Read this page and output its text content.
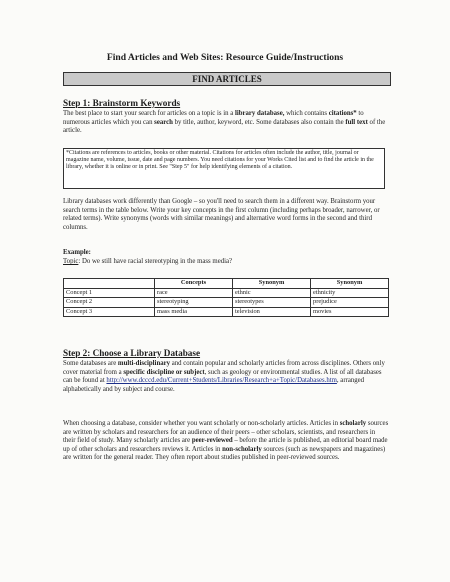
Find Articles and Web Sites: Resource Guide/Instructions
FIND ARTICLES
Step 1: Brainstorm Keywords
The best place to start your search for articles on a topic is in a library database, which contains citations* to numerous articles which you can search by title, author, keyword, etc. Some databases also contain the full text of the article.
*Citations are references to articles, books or other material. Citations for articles often include the author, title, journal or magazine name, volume, issue, date and page numbers. You need citations for your Works Cited list and to find the article in the library, whether it is online or in print. See "Step 5" for help identifying elements of a citation.
Library databases work differently than Google – so you'll need to search them in a different way. Brainstorm your search terms in the table below. Write your key concepts in the first column (including perhaps broader, narrower, or related terms). Write synonyms (words with similar meanings) and alternative word forms in the second and third columns.
Example:
Topic: Do we still have racial stereotyping in the mass media?
	Concepts	Synonym	Synonym
Concept 1	race	ethnic	ethnicity
Concept 2	stereotyping	stereotypes	prejudice
Concept 3	mass media	television	movies
Step 2: Choose a Library Database
Some databases are multi-disciplinary and contain popular and scholarly articles from across disciplines. Others only cover material from a specific discipline or subject, such as geology or environmental studies. A list of all databases can be found at http://www.dcccd.edu/Current+Students/Libraries/Research+a+Topic/Databases.htm, arranged alphabetically and by subject and course.
When choosing a database, consider whether you want scholarly or non-scholarly articles. Articles in scholarly sources are written by scholars and researchers for an audience of their peers – other scholars, scientists, and researchers in their field of study. Many scholarly articles are peer-reviewed – before the article is published, an editorial board made up of other scholars and researchers reviews it. Articles in non-scholarly sources (such as newspapers and magazines) are written for the general reader. They often report about studies published in peer-reviewed sources.
